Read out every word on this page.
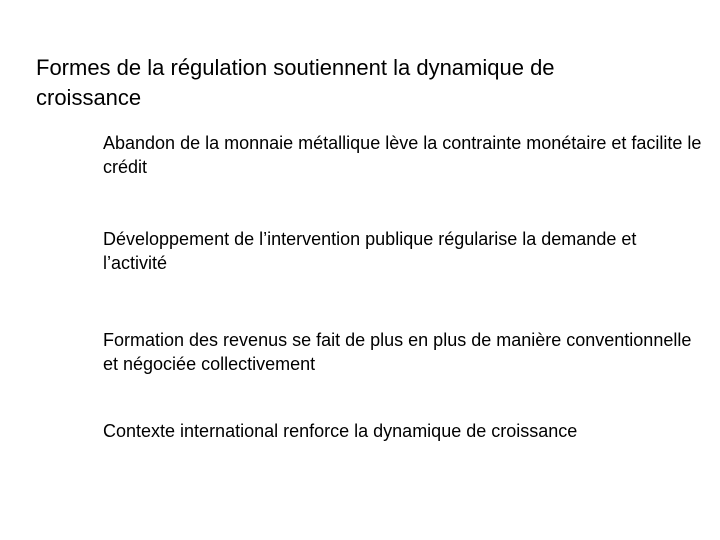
Formes de la régulation soutiennent la dynamique de croissance
Abandon de la monnaie métallique lève la contrainte monétaire et facilite le crédit
Développement de l’intervention publique régularise la demande et l’activité
Formation des revenus se fait de plus en plus de manière conventionnelle et négociée collectivement
Contexte international renforce la dynamique de croissance
